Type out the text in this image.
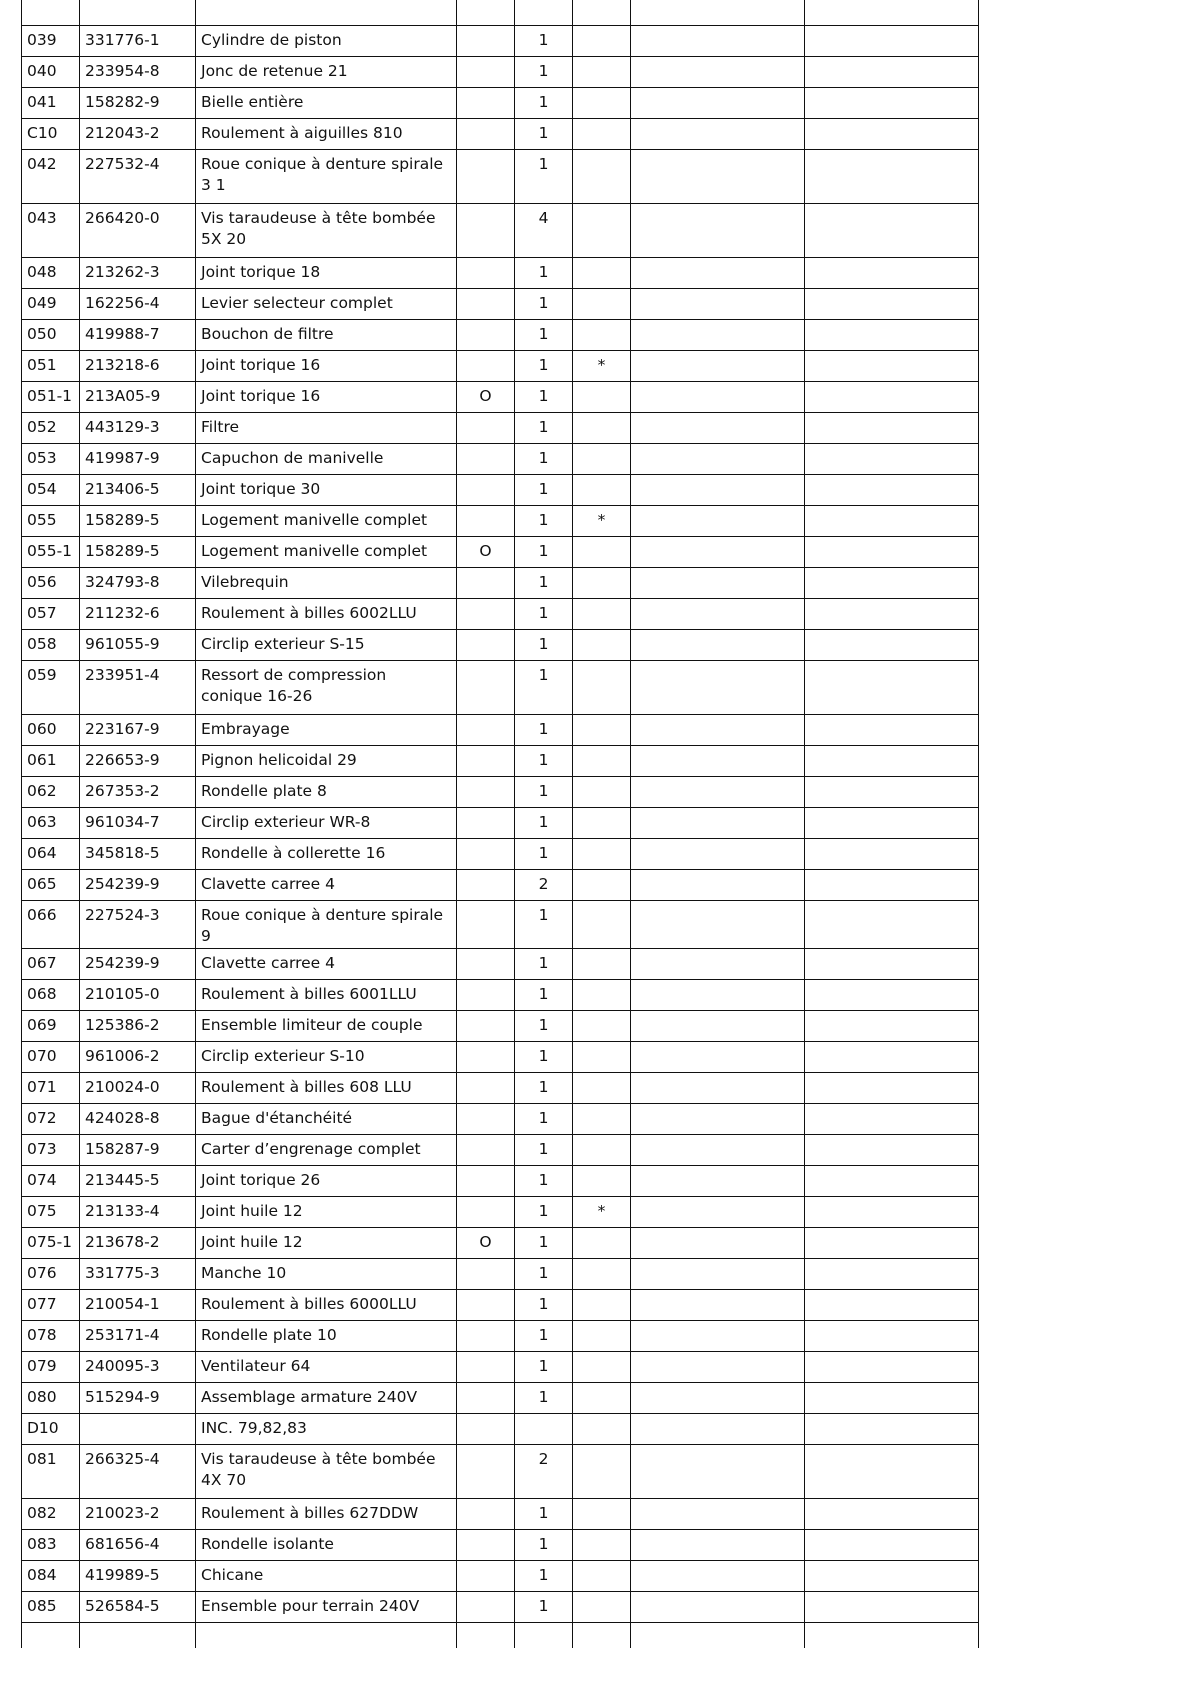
039	331776-1	Cylindre de piston		1			

040	233954-8	Jonc de retenue 21		1			

041	158282-9	Bielle entière		1			

C10	212043-2	Roulement à aiguilles 810		1			

042	227532-4	Roue conique à denture spirale 3 1		1			

043	266420-0	Vis taraudeuse à tête bombée 5X 20		4			

048	213262-3	Joint torique 18		1			

049	162256-4	Levier selecteur complet		1			

050	419988-7	Bouchon de filtre		1			

051	213218-6	Joint torique 16		1	*		

051-1	213A05-9	Joint torique 16	O	1			

052	443129-3	Filtre		1			

053	419987-9	Capuchon de manivelle		1			

054	213406-5	Joint torique 30		1			

055	158289-5	Logement manivelle complet		1	*		

055-1	158289-5	Logement manivelle complet	O	1			

056	324793-8	Vilebrequin		1			

057	211232-6	Roulement à billes 6002LLU		1			

058	961055-9	Circlip exterieur S-15		1			

059	233951-4	Ressort de compression conique 16-26		1			

060	223167-9	Embrayage		1			

061	226653-9	Pignon helicoidal 29		1			

062	267353-2	Rondelle plate 8		1			

063	961034-7	Circlip exterieur WR-8		1			

064	345818-5	Rondelle à collerette 16		1			

065	254239-9	Clavette carree 4		2			

066	227524-3	Roue conique à denture spirale 9		1			

067	254239-9	Clavette carree 4		1			

068	210105-0	Roulement à billes 6001LLU		1			

069	125386-2	Ensemble limiteur de couple		1			

070	961006-2	Circlip exterieur S-10		1			

071	210024-0	Roulement à billes 608 LLU		1			

072	424028-8	Bague d'étanchéité		1			

073	158287-9	Carter d’engrenage complet		1			

074	213445-5	Joint torique 26		1			

075	213133-4	Joint huile 12		1	*		

075-1	213678-2	Joint huile 12	O	1			

076	331775-3	Manche 10		1			

077	210054-1	Roulement à billes 6000LLU		1			

078	253171-4	Rondelle plate 10		1			

079	240095-3	Ventilateur 64		1			

080	515294-9	Assemblage armature 240V		1			

D10		INC. 79,82,83					

081	266325-4	Vis taraudeuse à tête bombée 4X 70		2			

082	210023-2	Roulement à billes 627DDW		1			

083	681656-4	Rondelle isolante		1			

084	419989-5	Chicane		1			

085	526584-5	Ensemble pour terrain 240V		1			
